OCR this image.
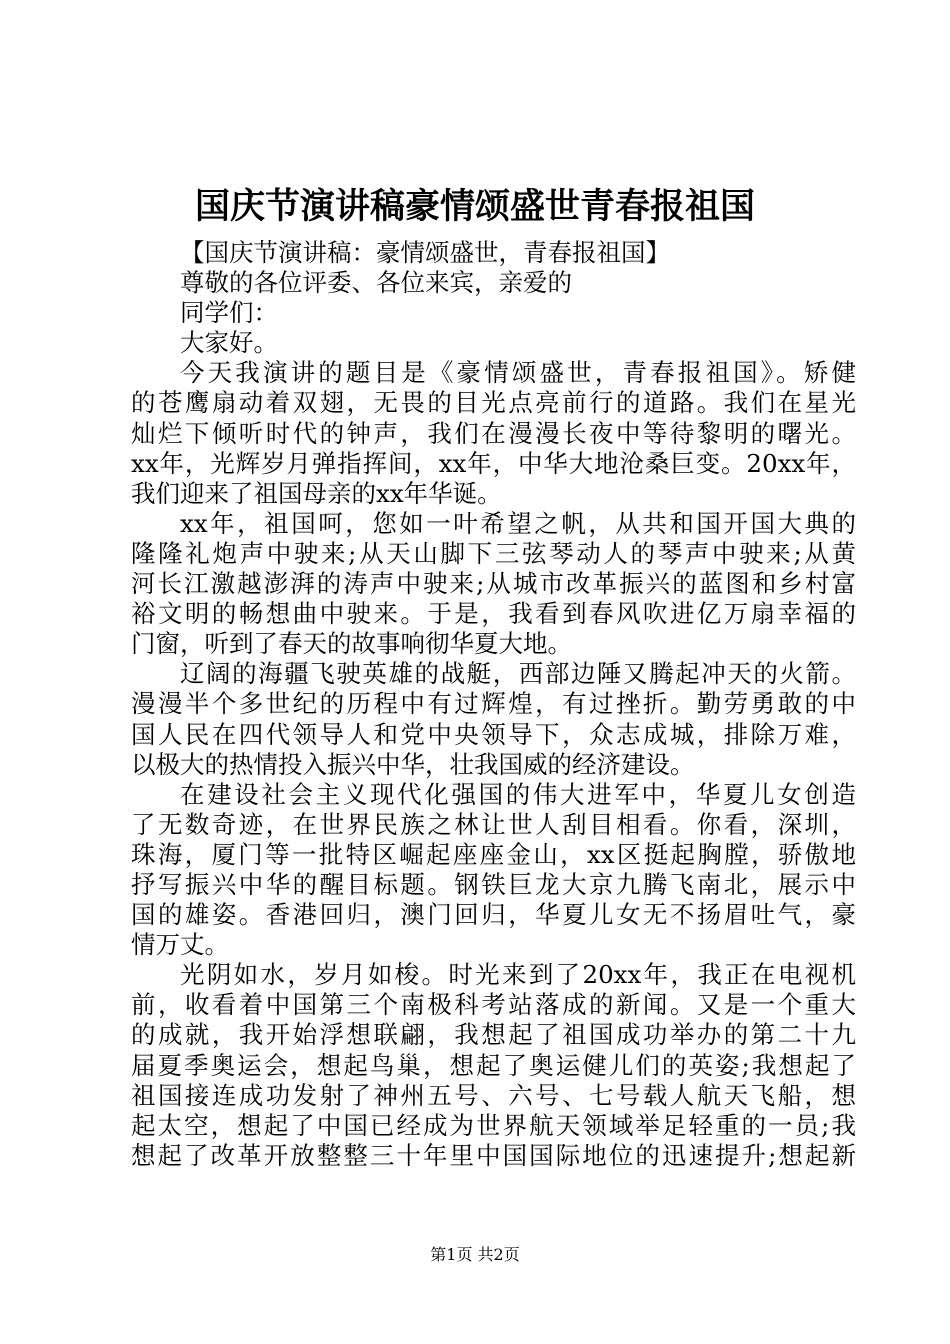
国庆节演讲稿豪情颂盛世青春报祖国
【国庆节演讲稿：豪情颂盛世，青春报祖国】
尊敬的各位评委、各位来宾，亲爱的
同学们：
大家好。
今天我演讲的题目是《豪情颂盛世，青春报祖国》。矫健
的苍鹰扇动着双翅，无畏的目光点亮前行的道路。我们在星光
灿烂下倾听时代的钟声，我们在漫漫长夜中等待黎明的曙光。
xx年，光辉岁月弹指挥间，xx年，中华大地沧桑巨变。20xx年，
我们迎来了祖国母亲的xx年华诞。
xx年，祖国呵，您如一叶希望之帆，从共和国开国大典的
隆隆礼炮声中驶来;从天山脚下三弦琴动人的琴声中驶来;从黄
河长江激越澎湃的涛声中驶来;从城市改革振兴的蓝图和乡村富
裕文明的畅想曲中驶来。于是，我看到春风吹进亿万扇幸福的
门窗，听到了春天的故事响彻华夏大地。
辽阔的海疆飞驶英雄的战艇，西部边陲又腾起冲天的火箭。
漫漫半个多世纪的历程中有过辉煌，有过挫折。勤劳勇敢的中
国人民在四代领导人和党中央领导下，众志成城，排除万难，
以极大的热情投入振兴中华，壮我国威的经济建设。
在建设社会主义现代化强国的伟大进军中，华夏儿女创造
了无数奇迹，在世界民族之林让世人刮目相看。你看，深圳，
珠海，厦门等一批特区崛起座座金山，xx区挺起胸膛，骄傲地
抒写振兴中华的醒目标题。钢铁巨龙大京九腾飞南北，展示中
国的雄姿。香港回归，澳门回归，华夏儿女无不扬眉吐气，豪
情万丈。
光阴如水，岁月如梭。时光来到了20xx年，我正在电视机
前，收看着中国第三个南极科考站落成的新闻。又是一个重大
的成就，我开始浮想联翩，我想起了祖国成功举办的第二十九
届夏季奥运会，想起鸟巢，想起了奥运健儿们的英姿;我想起了
祖国接连成功发射了神州五号、六号、七号载人航天飞船，想
起太空，想起了中国已经成为世界航天领域举足轻重的一员;我
想起了改革开放整整三十年里中国国际地位的迅速提升;想起新
第1页 共2页
